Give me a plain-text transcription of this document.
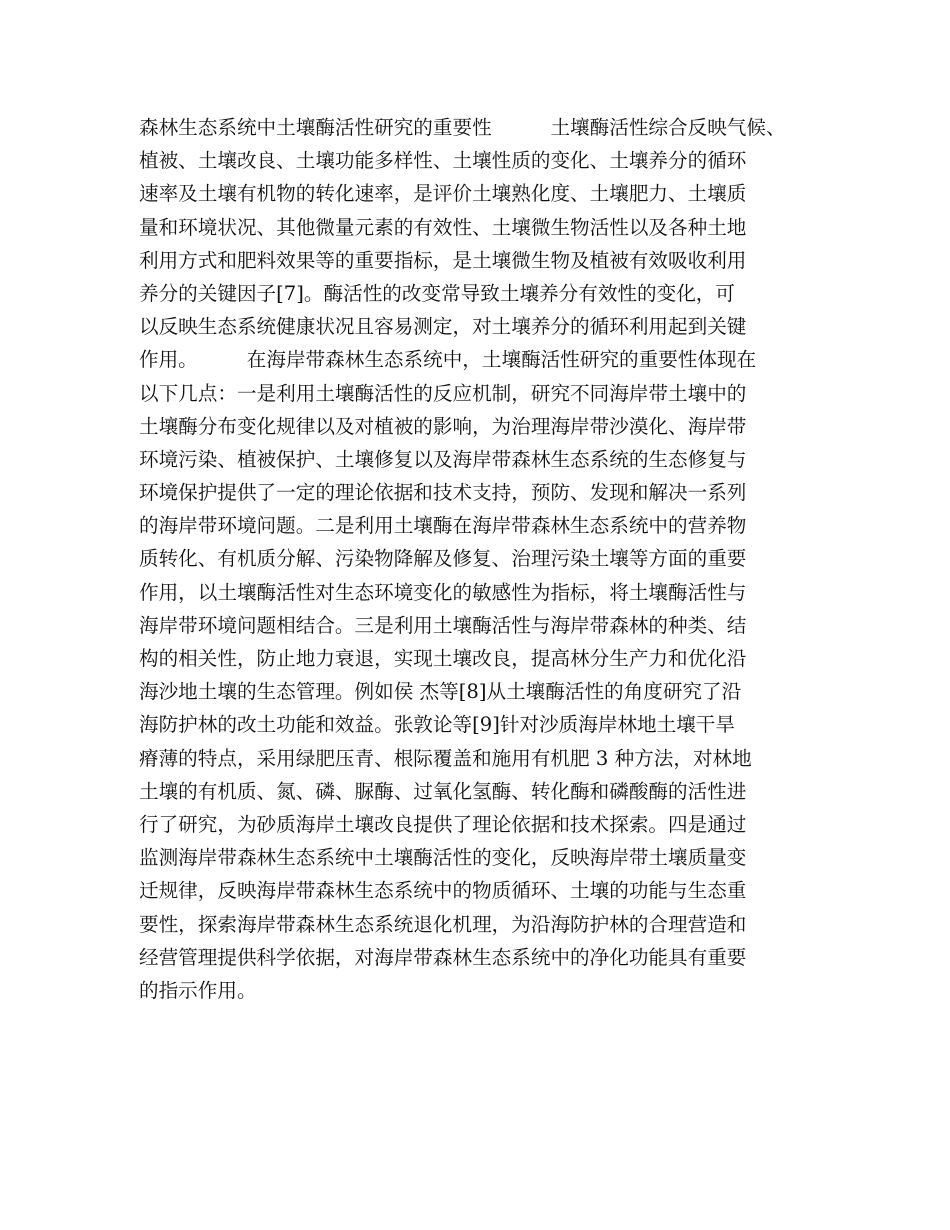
森林生态系统中土壤酶活性研究的重要性　　　土壤酶活性综合反映气候、
植被、土壤改良、土壤功能多样性、土壤性质的变化、土壤养分的循环
速率及土壤有机物的转化速率，是评价土壤熟化度、土壤肥力、土壤质
量和环境状况、其他微量元素的有效性、土壤微生物活性以及各种土地
利用方式和肥料效果等的重要指标，是土壤微生物及植被有效吸收利用
养分的关键因子[7]。酶活性的改变常导致土壤养分有效性的变化，可
以反映生态系统健康状况且容易测定，对土壤养分的循环利用起到关键
作用。　　　在海岸带森林生态系统中，土壤酶活性研究的重要性体现在
以下几点：一是利用土壤酶活性的反应机制，研究不同海岸带土壤中的
土壤酶分布变化规律以及对植被的影响，为治理海岸带沙漠化、海岸带
环境污染、植被保护、土壤修复以及海岸带森林生态系统的生态修复与
环境保护提供了一定的理论依据和技术支持，预防、发现和解决一系列
的海岸带环境问题。二是利用土壤酶在海岸带森林生态系统中的营养物
质转化、有机质分解、污染物降解及修复、治理污染土壤等方面的重要
作用，以土壤酶活性对生态环境变化的敏感性为指标，将土壤酶活性与
海岸带环境问题相结合。三是利用土壤酶活性与海岸带森林的种类、结
构的相关性，防止地力衰退，实现土壤改良，提高林分生产力和优化沿
海沙地土壤的生态管理。例如侯 杰等[8]从土壤酶活性的角度研究了沿
海防护林的改土功能和效益。张敦论等[9]针对沙质海岸林地土壤干旱
瘠薄的特点，采用绿肥压青、根际覆盖和施用有机肥 3 种方法，对林地
土壤的有机质、氮、磷、脲酶、过氧化氢酶、转化酶和磷酸酶的活性进
行了研究，为砂质海岸土壤改良提供了理论依据和技术探索。四是通过
监测海岸带森林生态系统中土壤酶活性的变化，反映海岸带土壤质量变
迁规律，反映海岸带森林生态系统中的物质循环、土壤的功能与生态重
要性，探索海岸带森林生态系统退化机理，为沿海防护林的合理营造和
经营管理提供科学依据，对海岸带森林生态系统中的净化功能具有重要
的指示作用。
